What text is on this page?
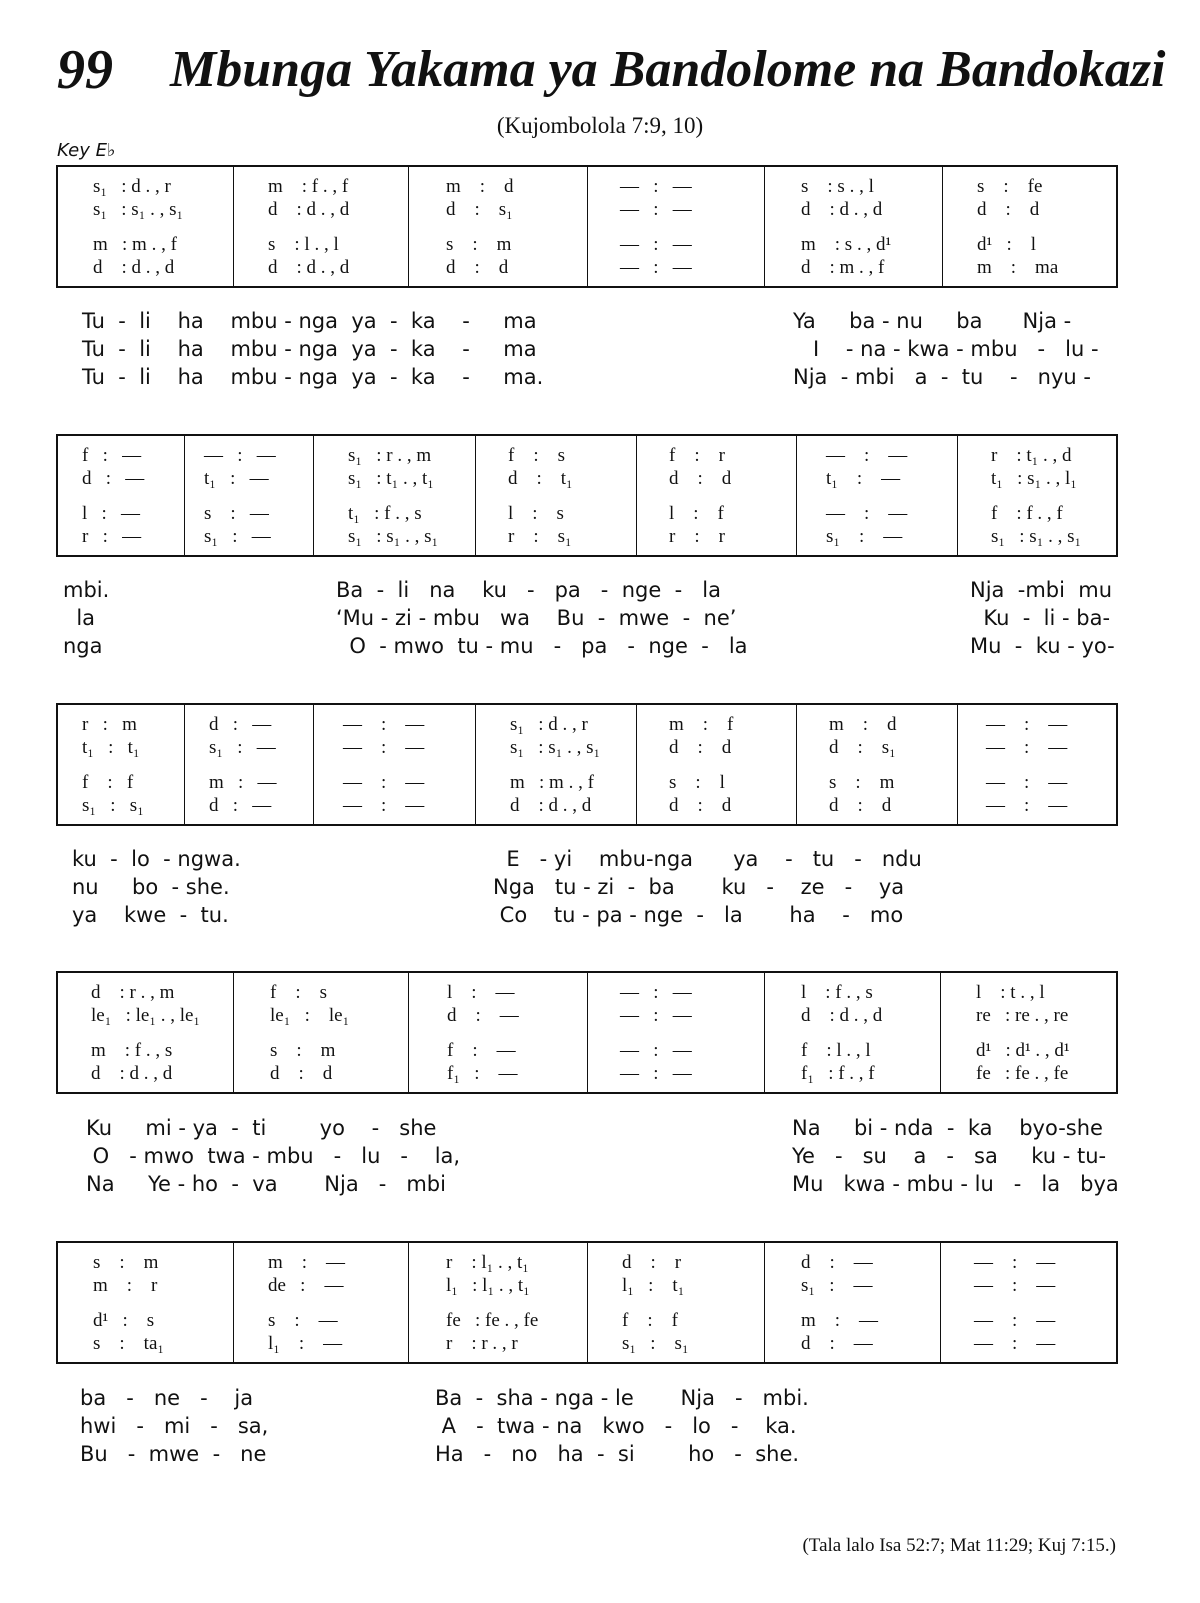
99 Mbunga Yakama ya Bandolome na Bandokazi
(Kujombolola 7:9, 10)
Key E♭
s₁   : d . , r
s₁   : s₁ . , s₁
m   : m . , f
d    : d . , d
m    : f . , f
d    : d . , d
s    : l . , l
d    : d . , d
m    :    d
d    :    s₁
s    :    m
d    :    d
—   :   —
—   :   —
—   :   —
—   :   —
s    : s . , l
d    : d . , d
m    : s . , d¹
d    : m . , f
s    :    fe
d    :    d
d¹   :    l
m    :    ma
Tu  -  li    ha    mbu - nga  ya  -  ka    -     ma
Tu  -  li    ha    mbu - nga  ya  -  ka    -     ma
Tu  -  li    ha    mbu - nga  ya  -  ka    -     ma.
Ya     ba - nu     ba      Nja -
I    - na - kwa - mbu   -   lu -
Nja  - mbi   a  -  tu    -   nyu -
f   :   —
d   :   —
l   :   —
r   :   —
—   :   —
t₁   :   —
s    :   —
s₁   :   —
s₁   : r . , m
s₁   : t₁ . , t₁
t₁   : f . , s
s₁   : s₁ . , s₁
f    :    s
d    :    t₁
l    :    s
r    :    s₁
f    :    r
d    :    d
l    :    f
r    :    r
—    :    —
t₁    :    —
—    :    —
s₁    :    —
r    : t₁ . , d
t₁   : s₁ . , l₁
f    : f . , f
s₁   : s₁ . , s₁
mbi.
la
nga
Ba  -  li   na    ku   -   pa   -  nge  -   la
‘Mu - zi - mbu   wa    Bu  -  mwe  -  ne’
O  - mwo  tu - mu   -   pa   -  nge  -   la
Nja  -mbi  mu
Ku  -  li - ba-
Mu  -  ku - yo-
r   :   m
t₁   :   t₁
f    :   f
s₁   :   s₁
d   :   —
s₁   :   —
m   :   —
d   :   —
—    :    —
—    :    —
—    :    —
—    :    —
s₁   : d . , r
s₁   : s₁ . , s₁
m   : m . , f
d    : d . , d
m    :    f
d    :    d
s    :    l
d    :    d
m    :    d
d    :    s₁
s    :    m
d    :    d
—    :    —
—    :    —
—    :    —
—    :    —
ku  -  lo  - ngwa.
nu     bo  - she.
ya    kwe  -  tu.
E   - yi    mbu-nga      ya    -   tu   -   ndu
Nga   tu - zi  -  ba       ku   -    ze   -    ya
Co    tu - pa - nge  -   la       ha    -   mo
d    : r . , m
le₁   : le₁ . , le₁
m    : f . , s
d    : d . , d
f    :    s
le₁   :    le₁
s    :    m
d    :    d
l    :    —
d    :    —
f    :    —
f₁   :    —
—   :   —
—   :   —
—   :   —
—   :   —
l    : f . , s
d    : d . , d
f    : l . , l
f₁   : f . , f
l    : t . , l
re   : re . , re
d¹   : d¹ . , d¹
fe   : fe . , fe
Ku     mi - ya  -  ti        yo    -   she
O   - mwo  twa - mbu   -   lu   -    la,
Na     Ye - ho  -  va       Nja   -   mbi
Na     bi - nda  -  ka    byo-she
Ye   -   su    a   -   sa     ku - tu-
Mu   kwa - mbu - lu   -   la   bya
s    :    m
m    :    r
d¹   :    s
s    :    ta₁
m    :    —
de   :    —
s    :    —
l₁    :    —
r    : l₁ . , t₁
l₁   : l₁ . , t₁
fe   : fe . , fe
r    : r . , r
d    :    r
l₁   :    t₁
f    :    f
s₁   :    s₁
d    :    —
s₁   :    —
m    :    —
d    :    —
—    :    —
—    :    —
—    :    —
—    :    —
ba   -   ne   -    ja
hwi   -   mi   -   sa,
Bu   -  mwe  -   ne
Ba  -  sha - nga - le       Nja   -   mbi.
A   -  twa - na   kwo   -   lo   -    ka.
Ha   -   no   ha  -  si        ho   -  she.
(Tala lalo Isa 52:7; Mat 11:29; Kuj 7:15.)
